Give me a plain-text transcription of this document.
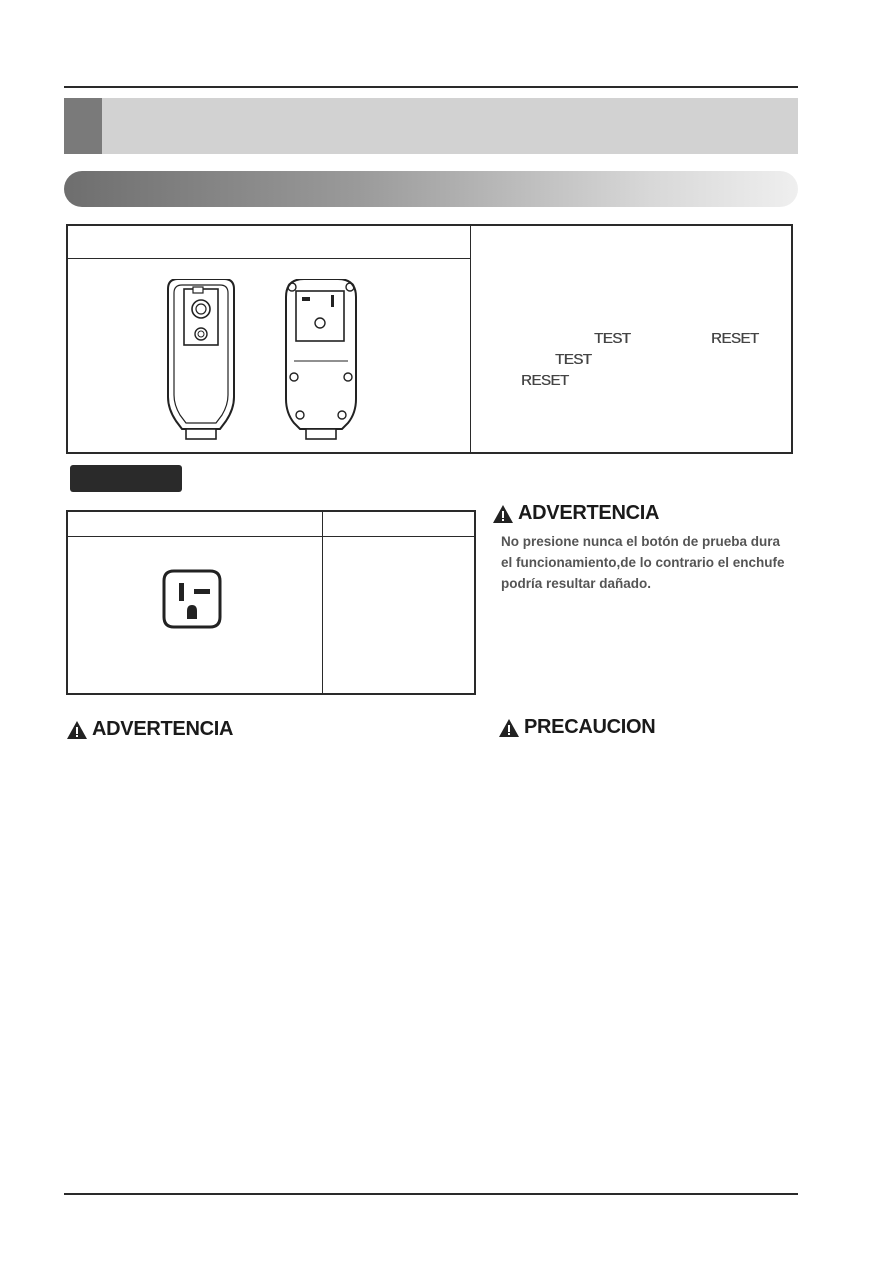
TEST	RESET
TEST
RESET
ADVERTENCIA
No presione nunca el botón de prueba dura
el funcionamiento,de lo contrario el enchufe
podría resultar dañado.
ADVERTENCIA	PRECAUCION
